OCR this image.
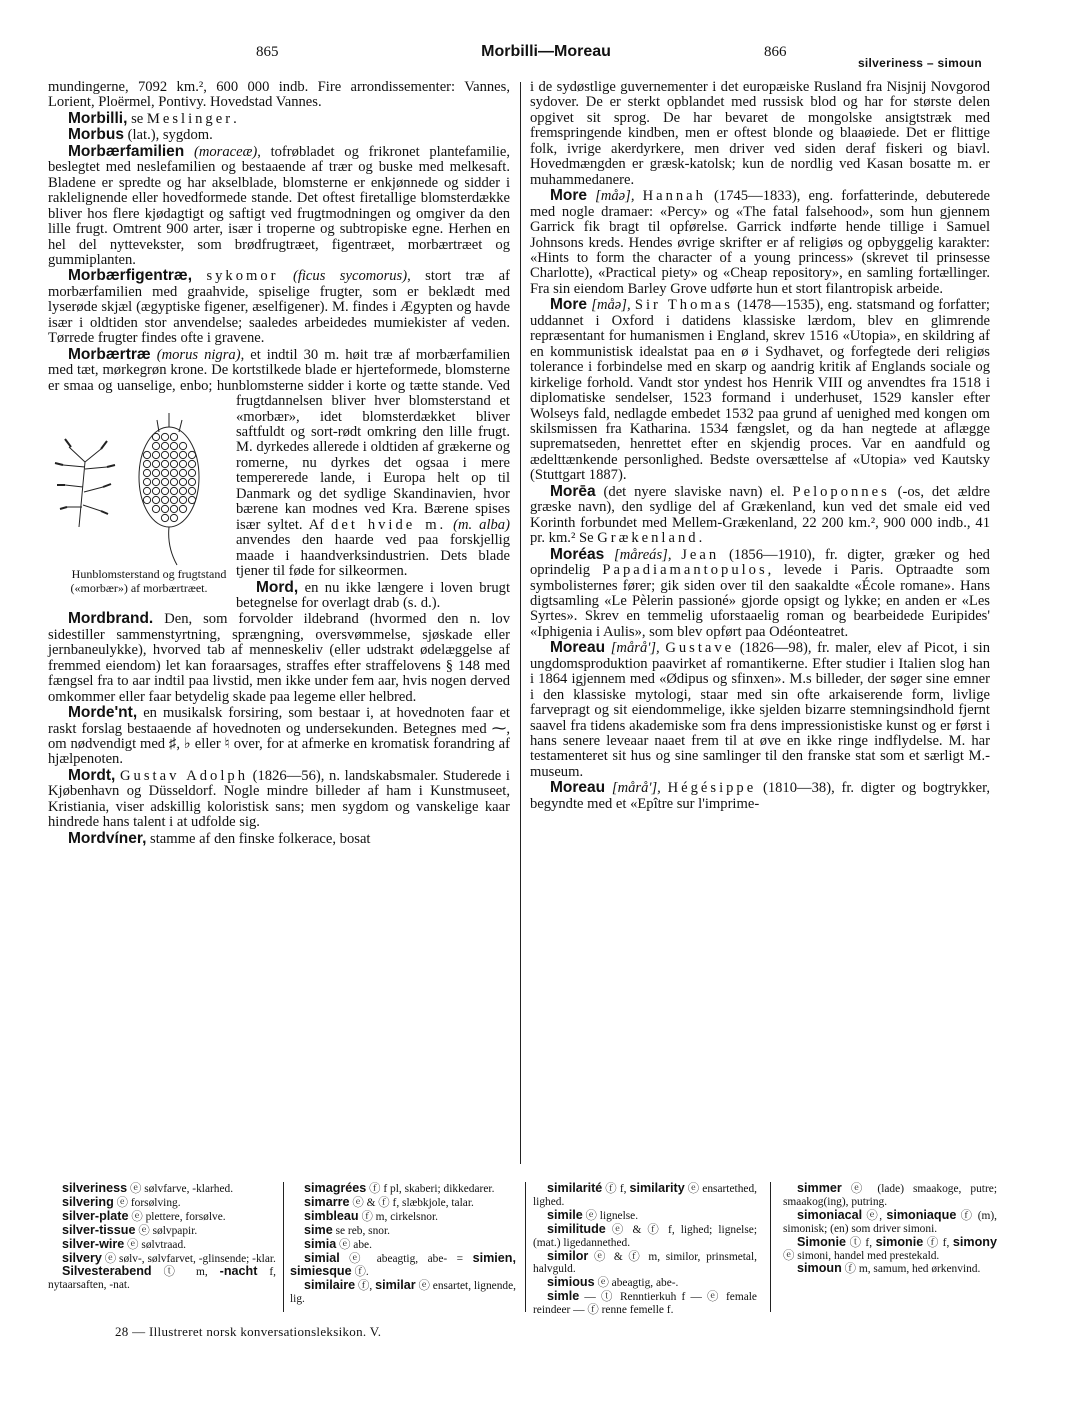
865	Morbilli—Moreau	866
silveriness – simoun

mundingerne, 7092 km.², 600 000 indb. Fire arrondissementer: Vannes, Lorient, Ploërmel, Pontivy. Hovedstad Vannes.

Morbilli, se Meslinger.

Morbus (lat.), sygdom.

Morbærfamilien (moraceæ), tofrøbladet og frikronet plantefamilie, beslegtet med neslefamilien og bestaaende af trær og buske med melkesaft. Bladene er spredte og har akselblade, blomsterne er enkjønnede og sidder i raklelignende eller hovedformede stande. Det oftest firetallige blomsterdække bliver hos flere kjødagtigt og saftigt ved frugtmodningen og omgiver da den lille frugt. Omtrent 900 arter, især i troperne og subtropiske egne. Herhen en hel del nyttevekster, som brødfrugtræet, figentræet, morbærtræet og gummiplanten.

Morbærfigentræ, sykomor (ficus sycomorus), stort træ af morbærfamilien med graahvide, spiselige frugter, som er beklædt med lyserøde skjæl (ægyptiske figener, æselfigener). M. findes i Ægypten og havde især i oldtiden stor anvendelse; saaledes arbeidedes mumiekister af veden. Tørrede frugter findes ofte i gravene.

Hunblomsterstand og frugtstand («morbær») af morbærtræet.
Morbærtræ (morus nigra), et indtil 30 m. høit træ af morbærfamilien med tæt, mørkegrøn krone. De kortstilkede blade er hjerteformede, blomsterne er smaa og uanselige, enbo; hunblomsterne sidder i korte og tætte stande. Ved frugtdannelsen bliver hver blomsterstand et «morbær», idet blomsterdækket bliver saftfuldt og sort-rødt omkring den lille frugt. M. dyrkedes allerede i oldtiden af grækerne og romerne, nu dyrkes det ogsaa i mere tempererede lande, i Europa helt op til Danmark og det sydlige Skandinavien, hvor bærene kan modnes ved Kra. Bærene spises især syltet. Af det hvide m. (m. alba) anvendes den haarde ved paa forskjellig maade i haandverksindustrien. Dets blade tjener til føde for silkeormen.

Mord, en nu ikke længere i loven brugt betegnelse for overlagt drab (s. d.).

Mordbrand. Den, som forvolder ildebrand (hvormed den n. lov sidestiller sammenstyrtning, sprængning, oversvømmelse, sjøskade eller jernbaneulykke), hvorved tab af menneskeliv (eller udstrakt ødelæggelse af fremmed eiendom) let kan foraarsages, straffes efter straffelovens § 148 med fængsel fra to aar indtil paa livstid, men ikke under fem aar, hvis nogen derved omkommer eller faar betydelig skade paa legeme eller helbred.

Morde'nt, en musikalsk forsiring, som bestaar i, at hovednoten faar et raskt forslag bestaaende af hovednoten og undersekunden. Betegnes med ⁓, om nødvendigt med ♯, ♭ eller ♮ over, for at afmerke en kromatisk forandring af hjælpenoten.

Mordt, Gustav Adolph (1826—56), n. landskabsmaler. Studerede i Kjøbenhavn og Düsseldorf. Nogle mindre billeder af ham i Kunstmuseet, Kristiania, viser adskillig koloristisk sans; men sygdom og vanskelige kaar hindrede hans talent i at udfolde sig.

Mordvíner, stamme af den finske folkerace, bosat

i de sydøstlige guvernementer i det europæiske Rusland fra Nisjnij Novgorod sydover. De er sterkt opblandet med russisk blod og har for største delen opgivet sit sprog. De har bevaret de mongolske ansigtstræk med fremspringende kindben, men er oftest blonde og blaaøiede. Det er flittige folk, ivrige akerdyrkere, men driver ved siden deraf fiskeri og biavl. Hovedmængden er græsk-katolsk; kun de nordlig ved Kasan bosatte m. er muhammedanere.

More [måə], Hannah (1745—1833), eng. forfatterinde, debuterede med nogle dramaer: «Percy» og «The fatal falsehood», som hun gjennem Garrick fik bragt til opførelse. Garrick indførte hende tillige i Samuel Johnsons kreds. Hendes øvrige skrifter er af religiøs og opbyggelig karakter: «Hints to form the character of a young princess» (skrevet til prinsesse Charlotte), «Practical piety» og «Cheap repository», en samling fortællinger. Fra sin eiendom Barley Grove udførte hun et stort filantropisk arbeide.

More [måə], Sir Thomas (1478—1535), eng. statsmand og forfatter; uddannet i Oxford i datidens klassiske lærdom, blev en glimrende repræsentant for humanismen i England, skrev 1516 «Utopia», en skildring af en kommunistisk idealstat paa en ø i Sydhavet, og forfegtede deri religiøs tolerance i forbindelse med en skarp og aandrig kritik af Englands sociale og kirkelige forhold. Vandt stor yndest hos Henrik VIII og anvendtes fra 1518 i diplomatiske sendelser, 1523 formand i underhuset, 1529 kansler efter Wolseys fald, nedlagde embedet 1532 paa grund af uenighed med kongen om skilsmissen fra Katharina. 1534 fængslet, og da han negtede at aflægge suprematseden, henrettet efter en skjendig proces. Var en aandfuld og ædelttænkende personlighed. Bedste oversættelse af «Utopia» ved Kautsky (Stuttgart 1887).

Morēa (det nyere slaviske navn) el. Peloponnes (-os, det ældre græske navn), den sydlige del af Grækenland, kun ved det smale eid ved Korinth forbundet med Mellem-Grækenland, 22 200 km.², 900 000 indb., 41 pr. km.² Se Grækenland.

Moréas [måreás], Jean (1856—1910), fr. digter, græker og hed oprindelig Papadiamantopulos, levede i Paris. Optraadte som symbolisternes fører; gik siden over til den saakaldte «École romane». Hans digtsamling «Le Pèlerin passioné» gjorde opsigt og lykke; en anden er «Les Syrtes». Skrev en temmelig uforstaaelig roman og bearbeidede Euripides' «Iphigenia i Aulis», som blev opført paa Odéonteatret.

Moreau [mårå'], Gustave (1826—98), fr. maler, elev af Picot, i sin ungdomsproduktion paavirket af romantikerne. Efter studier i Italien slog han i 1864 igjennem med «Ødipus og sfinxen». M.s billeder, der søger sine emner i den klassiske mytologi, staar med sin ofte arkaiserende form, livlige farvepragt og sit eiendommelige, ikke sjelden bizarre stemningsindhold fjernt saavel fra tidens akademiske som fra dens impressionistiske kunst og er først i hans senere leveaar naaet frem til at øve en ikke ringe indflydelse. M. har testamenteret sit hus og sine samlinger til den franske stat som et særligt M.-museum.

Moreau [mårå'], Hégésippe (1810—38), fr. digter og bogtrykker, begyndte med et «Epître sur l'imprime-

silveriness ⓔ sølvfarve, -klarhed.

silvering ⓔ forsølving.

silver-plate ⓔ plettere, forsølve.

silver-tissue ⓔ sølvpapir.

silver-wire ⓔ sølvtraad.

silvery ⓔ sølv-, sølvfarvet, -glinsende; -klar.

Silvesterabend ⓣ m, -nacht f, nytaarsaften, -nat.

simagrées ⓕ f pl, skaberi; dikkedarer.

simarre ⓔ & ⓕ f, slæbkjole, talar.

simbleau ⓕ m, cirkelsnor.

sime se reb, snor.

simia ⓔ abe.

simial ⓔ abeagtig, abe- = simien, simiesque ⓕ.

similaire ⓕ, similar ⓔ ensartet, lignende, lig.

similarité ⓕ f, similarity ⓔ ensartethed, lighed.

simile ⓔ lignelse.

similitude ⓔ & ⓕ f, lighed; lignelse; (mat.) ligedannethed.

similor ⓔ & ⓕ m, similor, prinsmetal, halvguld.

simious ⓔ abeagtig, abe-.

simle — ⓣ Renntierkuh f — ⓔ female reindeer — ⓕ renne femelle f.

simmer ⓔ (lade) smaakoge, putre; smaakog(ing), putring.

simoniacal ⓔ, simoniaque ⓕ (m), simonisk; (en) som driver simoni.

Simonie ⓣ f, simonie ⓕ f, simony ⓔ simoni, handel med prestekald.

simoun ⓕ m, samum, hed ørkenvind.

28 — Illustreret norsk konversationsleksikon. V.
